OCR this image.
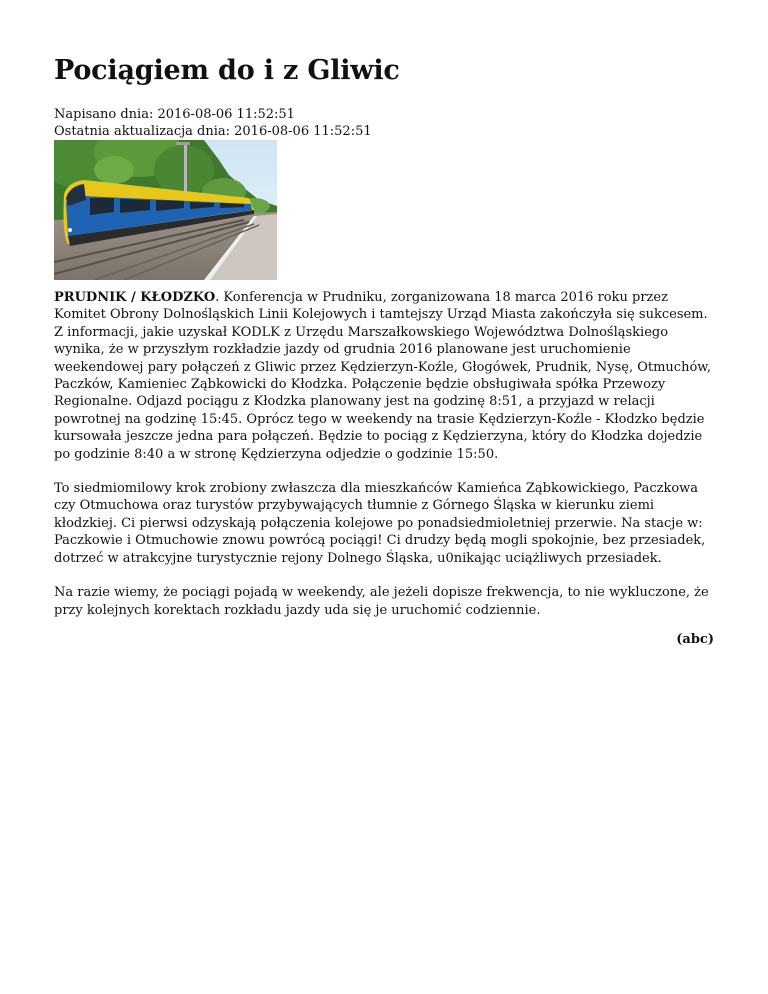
Pociągiem do i z Gliwic
Napisano dnia: 2016-08-06 11:52:51
Ostatnia aktualizacja dnia: 2016-08-06 11:52:51

PRUDNIK / KŁODZKO. Konferencja w Prudniku, zorganizowana 18 marca 2016 roku przez Komitet Obrony Dolnośląskich Linii Kolejowych i tamtejszy Urząd Miasta zakończyła się sukcesem. Z informacji, jakie uzyskał KODLK z Urzędu Marszałkowskiego Województwa Dolnośląskiego wynika, że w przyszłym rozkładzie jazdy od grudnia 2016 planowane jest uruchomienie weekendowej pary połączeń z Gliwic przez Kędzierzyn-Koźle, Głogówek, Prudnik, Nysę, Otmuchów, Paczków, Kamieniec Ząbkowicki do Kłodzka. Połączenie będzie obsługiwała spółka Przewozy Regionalne. Odjazd pociągu z Kłodzka planowany jest na godzinę 8:51, a przyjazd w relacji powrotnej na godzinę 15:45. Oprócz tego w weekendy na trasie Kędzierzyn-Koźle - Kłodzko będzie kursowała jeszcze jedna para połączeń. Będzie to pociąg z Kędzierzyna, który do Kłodzka dojedzie po godzinie 8:40 a w stronę Kędzierzyna odjedzie o godzinie 15:50.

To siedmiomilowy krok zrobiony zwłaszcza dla mieszkańców Kamieńca Ząbkowickiego, Paczkowa czy Otmuchowa oraz turystów przybywających tłumnie z Górnego Śląska w kierunku ziemi kłodzkiej. Ci pierwsi odzyskają połączenia kolejowe po ponadsiedmioletniej przerwie. Na stacje w: Paczkowie i Otmuchowie znowu powrócą pociągi! Ci drudzy będą mogli spokojnie, bez przesiadek, dotrzeć w atrakcyjne turystycznie rejony Dolnego Śląska, u0nikając uciążliwych przesiadek.

Na razie wiemy, że pociągi pojadą w weekendy, ale jeżeli dopisze frekwencja, to nie wykluczone, że przy kolejnych korektach rozkładu jazdy uda się je uruchomić codziennie.

(abc)
